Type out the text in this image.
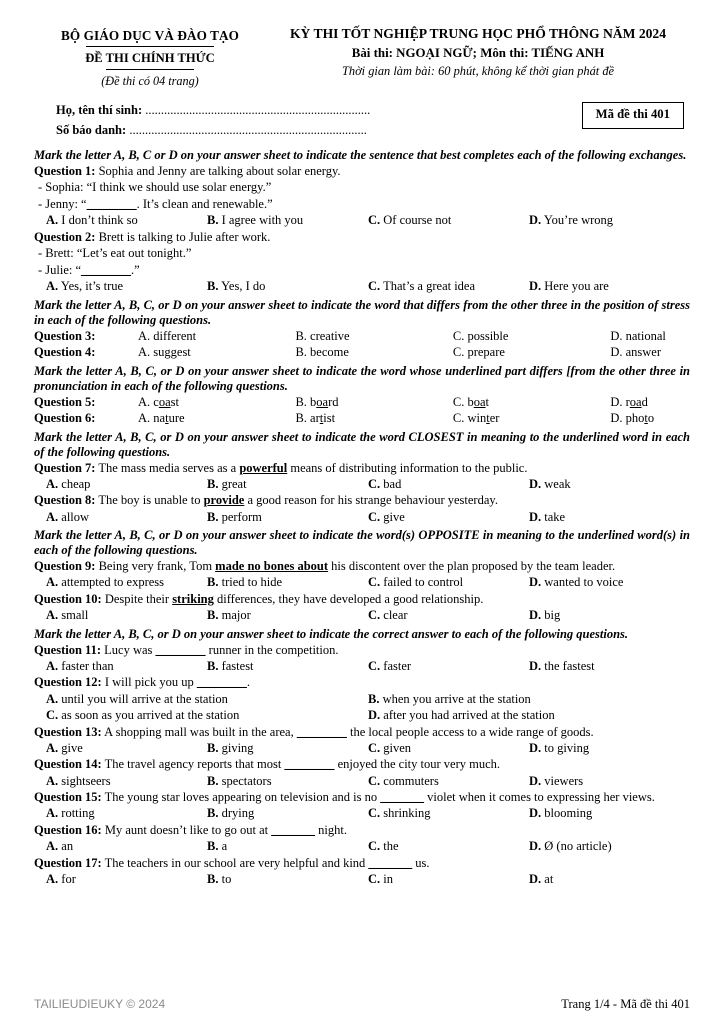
BỘ GIÁO DỤC VÀ ĐÀO TẠO
ĐỀ THI CHÍNH THỨC
(Đề thi có 04 trang)
KỲ THI TỐT NGHIỆP TRUNG HỌC PHỔ THÔNG NĂM 2024
Bài thi: NGOẠI NGỮ; Môn thi: TIẾNG ANH
Thời gian làm bài: 60 phút, không kể thời gian phát đề
Họ, tên thí sinh: ........................................................................
Số báo danh: ............................................................................
Mã đề thi 401
Mark the letter A, B, C or D on your answer sheet to indicate the sentence that best completes each of the following exchanges.
Question 1: Sophia and Jenny are talking about solar energy.
- Sophia: “I think we should use solar energy.”
- Jenny: “________. It’s clean and renewable.”
A. I don’t think so	B. I agree with you	C. Of course not	D. You’re wrong
Question 2: Brett is talking to Julie after work.
- Brett: “Let’s eat out tonight.”
- Julie: “________.”
A. Yes, it’s true	B. Yes, I do	C. That’s a great idea	D. Here you are
Mark the letter A, B, C, or D on your answer sheet to indicate the word that differs from the other three in the position of stress in each of the following questions.
Question 3:	A. different	B. creative	C. possible	D. national
Question 4:	A. suggest	B. become	C. prepare	D. answer
Mark the letter A, B, C, or D on your answer sheet to indicate the word whose underlined part differs [from the other three in pronunciation in each of the following questions.
Question 5:	A. coast	B. board	C. boat	D. road
Question 6:	A. nature	B. artist	C. winter	D. photo
Mark the letter A, B, C, or D on your answer sheet to indicate the word CLOSEST in meaning to the underlined word in each of the following questions.
Question 7: The mass media serves as a powerful means of distributing information to the public.
A. cheap	B. great	C. bad	D. weak
Question 8: The boy is unable to provide a good reason for his strange behaviour yesterday.
A. allow	B. perform	C. give	D. take
Mark the letter A, B, C, or D on your answer sheet to indicate the word(s) OPPOSITE in meaning to the underlined word(s) in each of the following questions.
Question 9: Being very frank, Tom made no bones about his discontent over the plan proposed by the team leader.
A. attempted to express	B. tried to hide	C. failed to control	D. wanted to voice
Question 10: Despite their striking differences, they have developed a good relationship.
A. small	B. major	C. clear	D. big
Mark the letter A, B, C, or D on your answer sheet to indicate the correct answer to each of the following questions.
Question 11: Lucy was ________ runner in the competition.
A. faster than	B. fastest	C. faster	D. the fastest
Question 12: I will pick you up ________.
A. until you will arrive at the station	B. when you arrive at the station
C. as soon as you arrived at the station	D. after you had arrived at the station
Question 13: A shopping mall was built in the area, ________ the local people access to a wide range of goods.
A. give	B. giving	C. given	D. to giving
Question 14: The travel agency reports that most ________ enjoyed the city tour very much.
A. sightseers	B. spectators	C. commuters	D. viewers
Question 15: The young star loves appearing on television and is no _______ violet when it comes to expressing her views.
A. rotting	B. drying	C. shrinking	D. blooming
Question 16: My aunt doesn’t like to go out at _______ night.
A. an	B. a	C. the	D. Ø (no article)
Question 17: The teachers in our school are very helpful and kind _______ us.
A. for	B. to	C. in	D. at
TAILIEUDIEUKY © 2024	Trang 1/4 - Mã đề thi 401
